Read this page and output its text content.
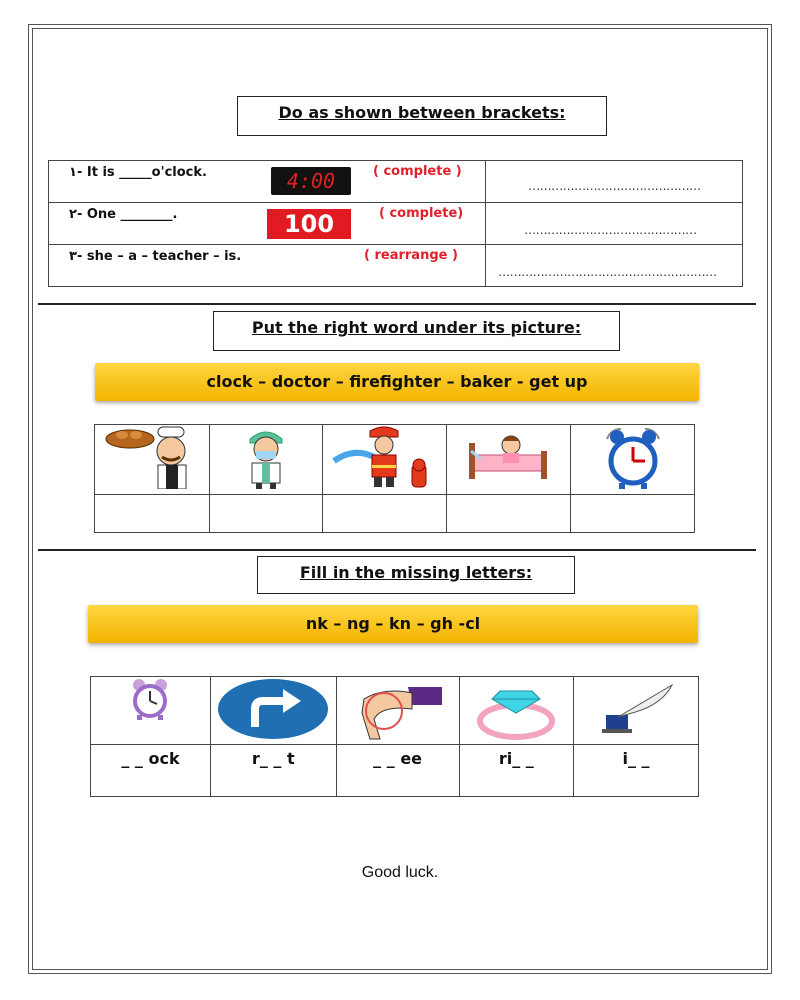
Do as shown between brackets:
١- It is _____o'clock. 4:00 ( complete )	………………………………………

٢- One ________. 100 ( complete)	………………………………………

٣- she – a – teacher – is. ( rearrange )	…………………………………………………
Put the right word under its picture:
clock – doctor – firefighter – baker - get up

Fill in the missing letters:
nk – ng – kn – gh -cl

_ _ ock	r_ _ t	_ _ ee	ri_ _	i_ _
Good luck.
